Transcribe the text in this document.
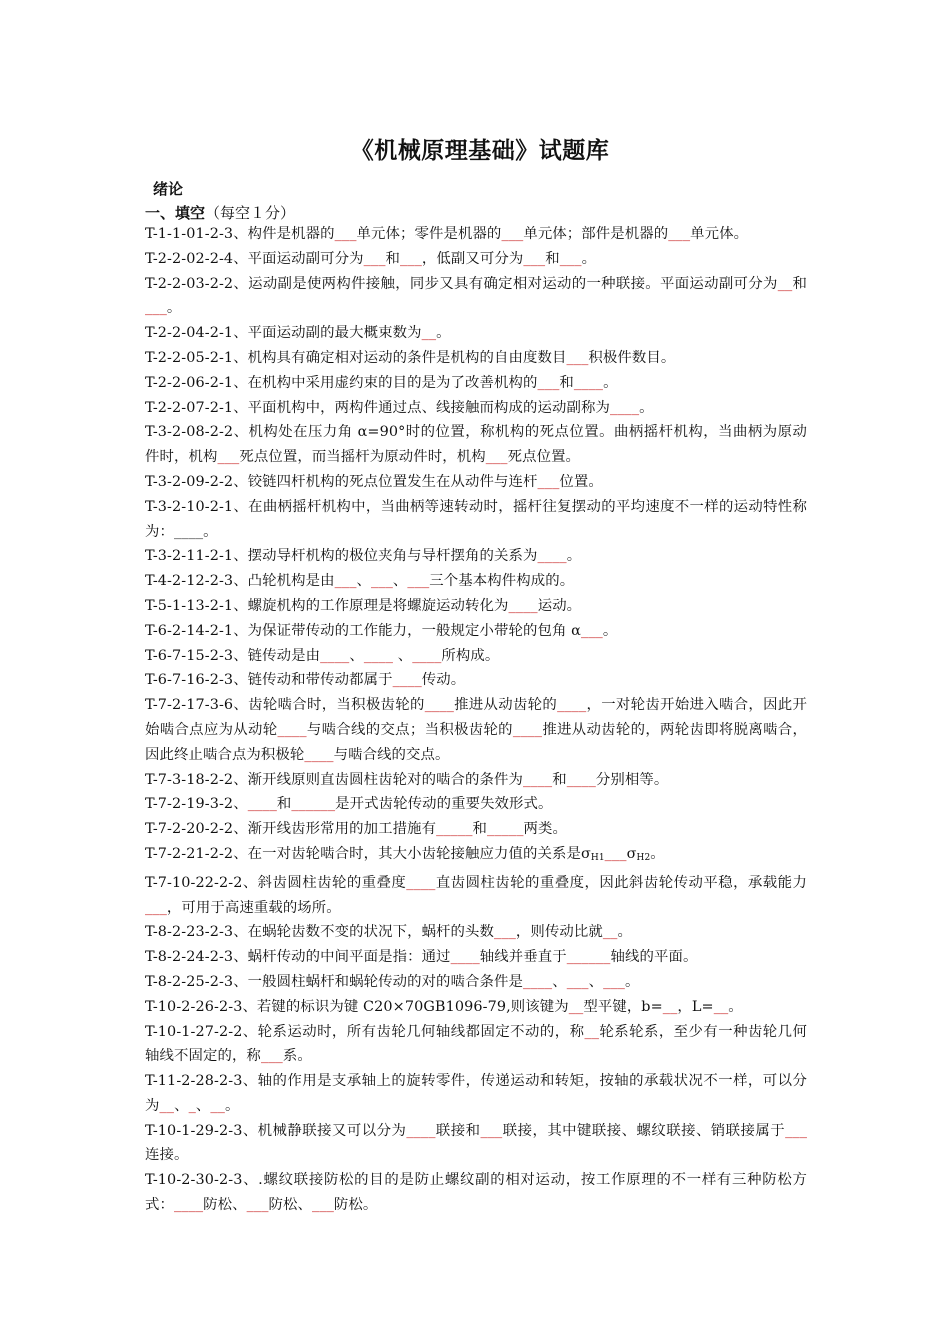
《机械原理基础》试题库
绪论
一、填空（每空１分）

T-1-1-01-2-3、构件是机器的___单元体；零件是机器的___单元体；部件是机器的___单元体。

T-2-2-02-2-4、平面运动副可分为___和___，低副又可分为___和___。

T-2-2-03-2-2、运动副是使两构件接触，同步又具有确定相对运动的一种联接。平面运动副可分为__和___。

T-2-2-04-2-1、平面运动副的最大概束数为__。

T-2-2-05-2-1、机构具有确定相对运动的条件是机构的自由度数目___积极件数目。

T-2-2-06-2-1、在机构中采用虚约束的目的是为了改善机构的___和____。

T-2-2-07-2-1、平面机构中，两构件通过点、线接触而构成的运动副称为____。

T-3-2-08-2-2、机构处在压力角 α=90°时的位置，称机构的死点位置。曲柄摇杆机构，当曲柄为原动件时，机构___死点位置，而当摇杆为原动件时，机构___死点位置。

T-3-2-09-2-2、铰链四杆机构的死点位置发生在从动件与连杆___位置。

T-3-2-10-2-1、在曲柄摇杆机构中，当曲柄等速转动时，摇杆往复摆动的平均速度不一样的运动特性称为：____。

T-3-2-11-2-1、摆动导杆机构的极位夹角与导杆摆角的关系为____。

T-4-2-12-2-3、凸轮机构是由___、___、___三个基本构件构成的。

T-5-1-13-2-1、螺旋机构的工作原理是将螺旋运动转化为____运动。

T-6-2-14-2-1、为保证带传动的工作能力，一般规定小带轮的包角 α___。

T-6-7-15-2-3、链传动是由____、____ 、____所构成。

T-6-7-16-2-3、链传动和带传动都属于____传动。

T-7-2-17-3-6、齿轮啮合时，当积极齿轮的____推进从动齿轮的____，一对轮齿开始进入啮合，因此开始啮合点应为从动轮____与啮合线的交点；当积极齿轮的____推进从动齿轮的，两轮齿即将脱离啮合，因此终止啮合点为积极轮____与啮合线的交点。

T-7-3-18-2-2、渐开线原则直齿圆柱齿轮对的啮合的条件为____和____分别相等。

T-7-2-19-3-2、____和______是开式齿轮传动的重要失效形式。

T-7-2-20-2-2、渐开线齿形常用的加工措施有_____和_____两类。

T-7-2-21-2-2、在一对齿轮啮合时，其大小齿轮接触应力值的关系是$\sigma_{H1}\_\_\_\sigma_{H2}$。

T-7-10-22-2-2、斜齿圆柱齿轮的重叠度____直齿圆柱齿轮的重叠度，因此斜齿轮传动平稳，承载能力___，可用于高速重载的场所。

T-8-2-23-2-3、在蜗轮齿数不变的状况下，蜗杆的头数___，则传动比就__。

T-8-2-24-2-3、蜗杆传动的中间平面是指：通过____轴线并垂直于______轴线的平面。

T-8-2-25-2-3、一般圆柱蜗杆和蜗轮传动的对的啮合条件是____、___、___。

T-10-2-26-2-3、若键的标识为键 C20×70GB1096-79,则该键为__型平键，b=__，L=__。

T-10-1-27-2-2、轮系运动时，所有齿轮几何轴线都固定不动的，称__轮系轮系，至少有一种齿轮几何轴线不固定的，称___系。

T-11-2-28-2-3、轴的作用是支承轴上的旋转零件，传递运动和转矩，按轴的承载状况不一样，可以分为__、_、__。

T-10-1-29-2-3、机械静联接又可以分为____联接和___联接，其中键联接、螺纹联接、销联接属于___连接。

T-10-2-30-2-3、.螺纹联接防松的目的是防止螺纹副的相对运动，按工作原理的不一样有三种防松方式：____防松、___防松、___防松。
